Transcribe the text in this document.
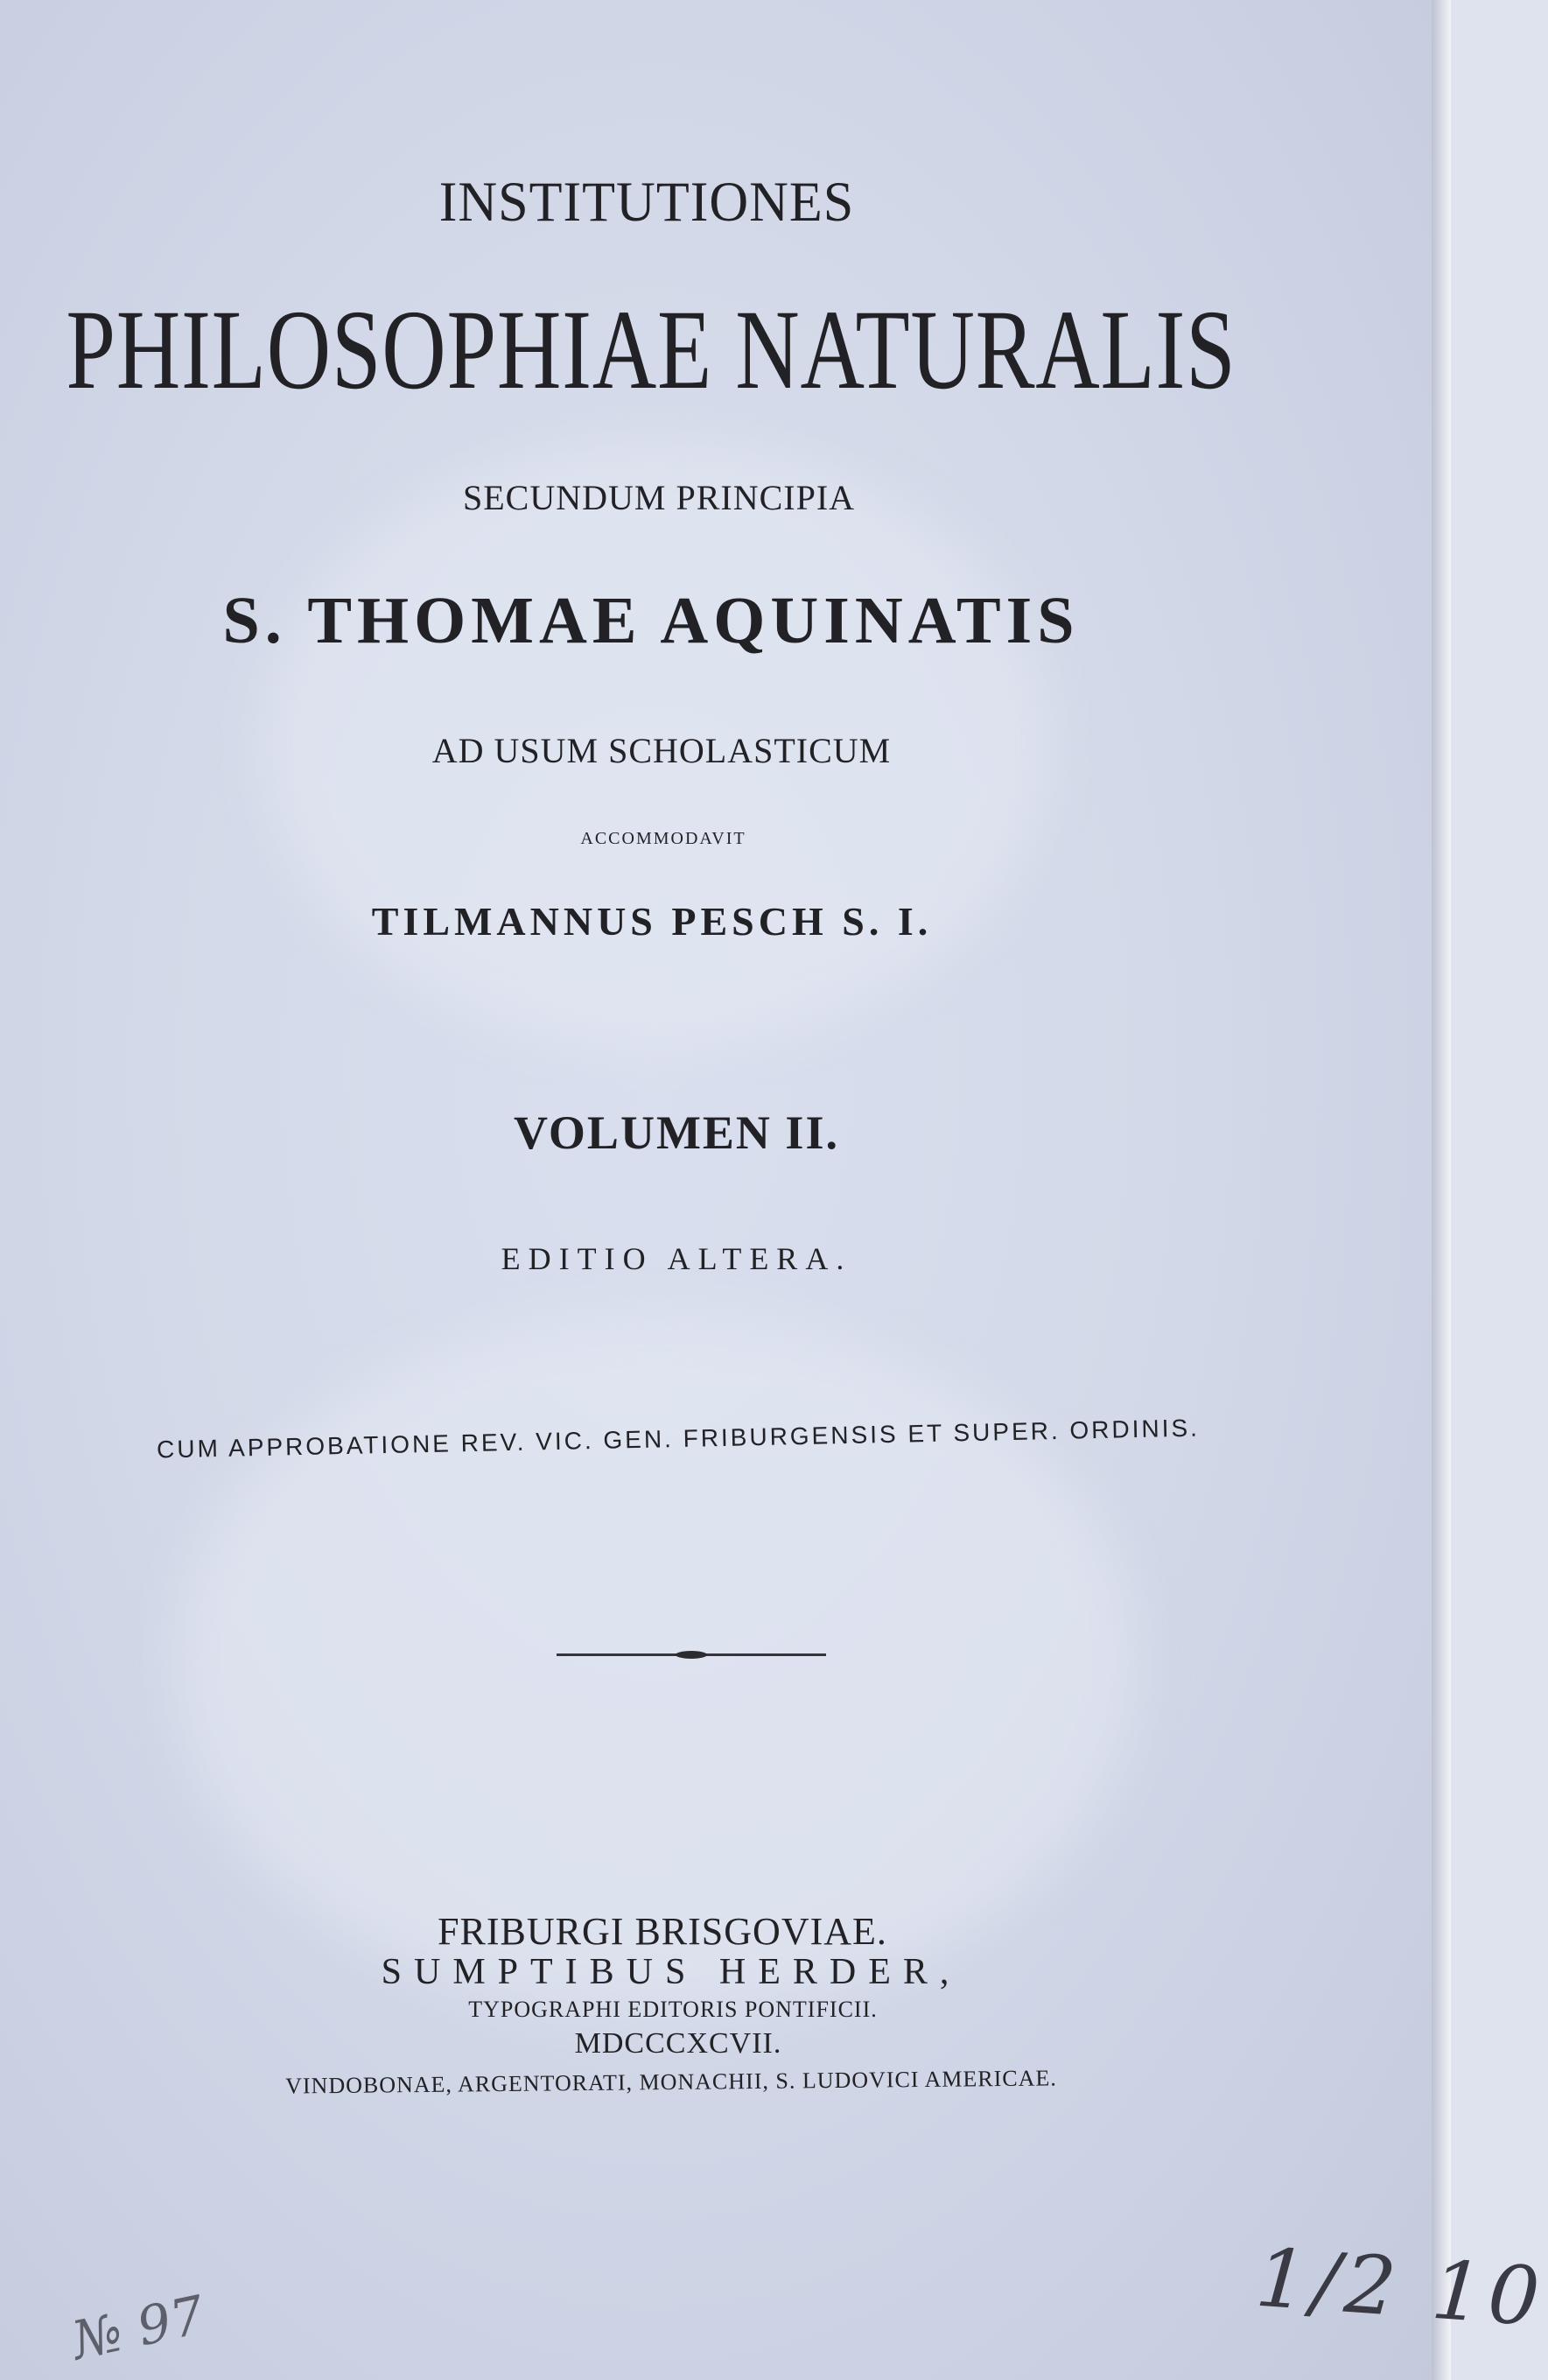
INSTITUTIONES
PHILOSOPHIAE NATURALIS
SECUNDUM PRINCIPIA
S. THOMAE AQUINATIS
AD USUM SCHOLASTICUM
ACCOMMODAVIT
TILMANNUS PESCH S. I.
VOLUMEN II.
EDITIO ALTERA.
CUM APPROBATIONE REV. VIC. GEN. FRIBURGENSIS ET SUPER. ORDINIS.
FRIBURGI BRISGOVIAE.
SUMPTIBUS HERDER,
TYPOGRAPHI EDITORIS PONTIFICII.
MDCCCXCVII.
VINDOBONAE, ARGENTORATI, MONACHII, S. LUDOVICI AMERICAE.
№ 97	1/2 10
